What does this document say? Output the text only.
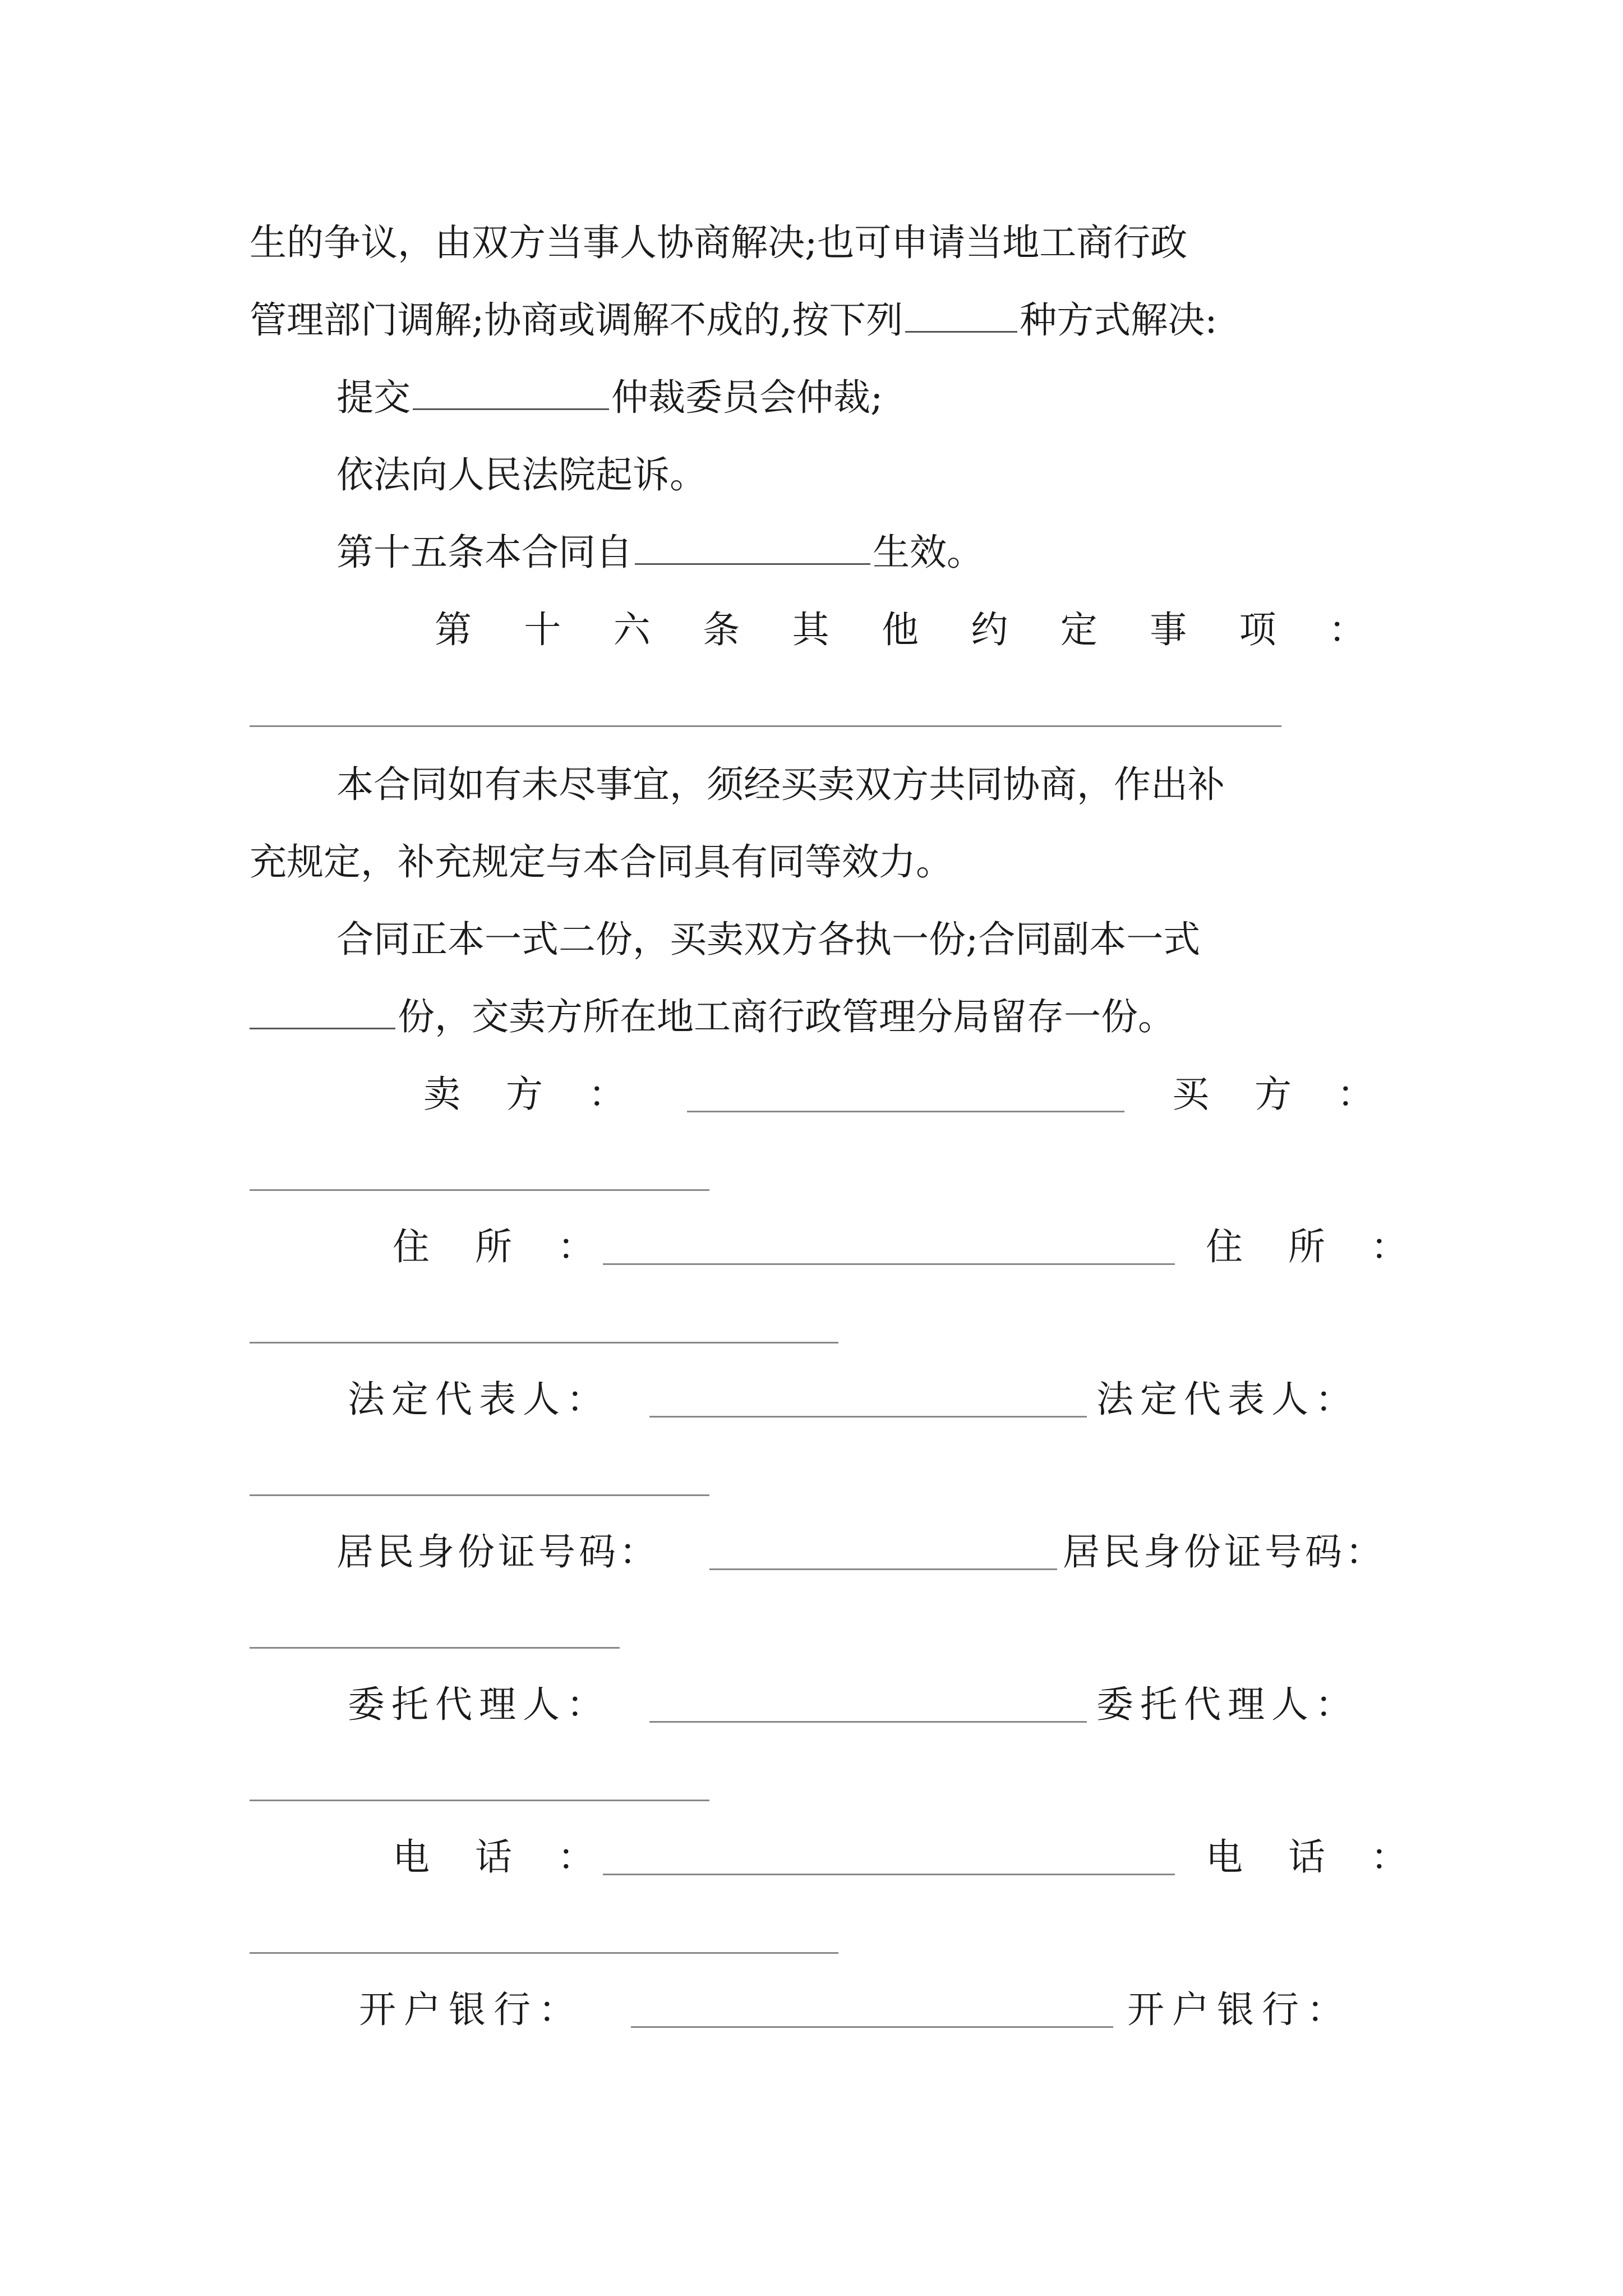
生的争议，由双方当事人协商解决;也可申请当地工商行政
管理部门调解;协商或调解不成的,按下列	种方式解决:
提交	仲裁委员会仲裁;
依法向人民法院起诉。
第十五条本合同自	生效。
第 十 六 条 其 他 约 定 事 项 ：
本合同如有未尽事宜，须经买卖双方共同协商，作出补
充规定，补充规定与本合同具有同等效力。
合同正本一式二份，买卖双方各执一份;合同副本一式
份，交卖方所在地工商行政管理分局留存一份。
卖 方 ：	买 方 ：
住 所 ：	住 所 ：
法定代表人：	法定代表人：
居民身份证号码：	居民身份证号码：
委托代理人：	委托代理人：
电 话 ：	电 话 ：
开户银行：	开户银行：
